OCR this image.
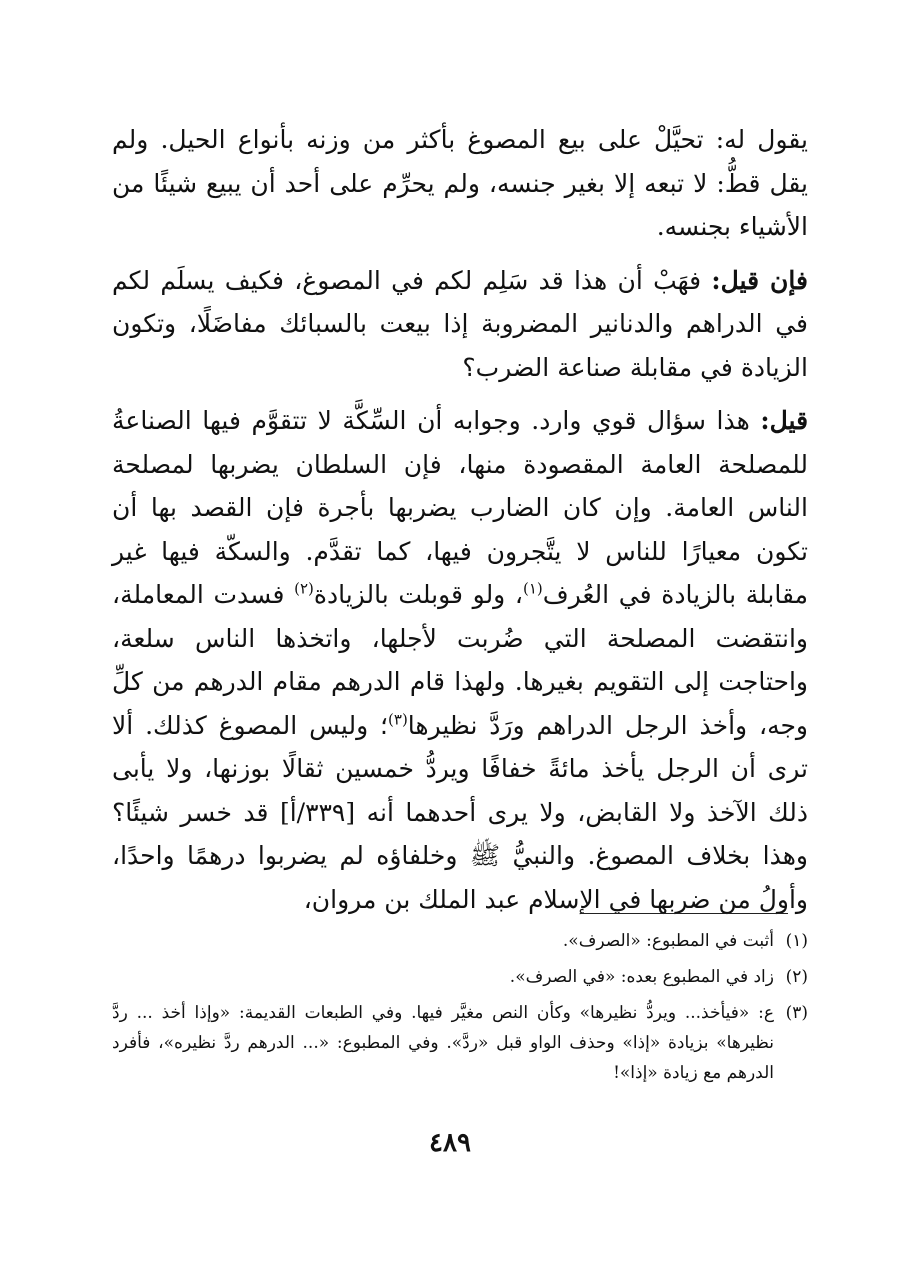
يقول له: تحيَّلْ على بيع المصوغ بأكثر من وزنه بأنواع الحيل. ولم يقل قطُّ: لا تبعه إلا بغير جنسه، ولم يحرِّم على أحد أن يبيع شيئًا من الأشياء بجنسه.

فإن قيل: فهَبْ أن هذا قد سَلِم لكم في المصوغ، فكيف يسلَم لكم في الدراهم والدنانير المضروبة إذا بيعت بالسبائك مفاضَلًا، وتكون الزيادة في مقابلة صناعة الضرب؟

قيل: هذا سؤال قوي وارد. وجوابه أن السِّكَّة لا تتقوَّم فيها الصناعةُ للمصلحة العامة المقصودة منها، فإن السلطان يضربها لمصلحة الناس العامة. وإن كان الضارب يضربها بأجرة فإن القصد بها أن تكون معيارًا للناس لا يتَّجرون فيها، كما تقدَّم. والسكّة فيها غير مقابلة بالزيادة في العُرف$^{(١)}$، ولو قوبلت بالزيادة$^{(٢)}$ فسدت المعاملة، وانتقضت المصلحة التي ضُربت لأجلها، واتخذها الناس سلعة، واحتاجت إلى التقويم بغيرها. ولهذا قام الدرهم مقام الدرهم من كلِّ وجه، وأخذ الرجل الدراهم ورَدَّ نظيرها$^{(٣)}$؛ وليس المصوغ كذلك. ألا ترى أن الرجل يأخذ مائةً خفافًا ويردُّ خمسين ثقالًا بوزنها، ولا يأبى ذلك الآخذ ولا القابض، ولا يرى أحدهما أنه [٣٣٩/أ] قد خسر شيئًا؟ وهذا بخلاف المصوغ. والنبيُّ ﷺ وخلفاؤه لم يضربوا درهمًا واحدًا، وأولُ من ضربها في الإسلام عبد الملك بن مروان،

(١)
أثبت في المطبوع: «الصرف».
(٢)
زاد في المطبوع بعده: «في الصرف».
(٣)
ع: «فيأخذ... ويردُّ نظيرها» وكأن النص مغيَّر فيها. وفي الطبعات القديمة: «وإذا أخذ ... ردَّ نظيرها» بزيادة «إذا» وحذف الواو قبل «ردَّ». وفي المطبوع: «... الدرهم ردَّ نظيره»، فأفرد الدرهم مع زيادة «إذا»!
٤٨٩
